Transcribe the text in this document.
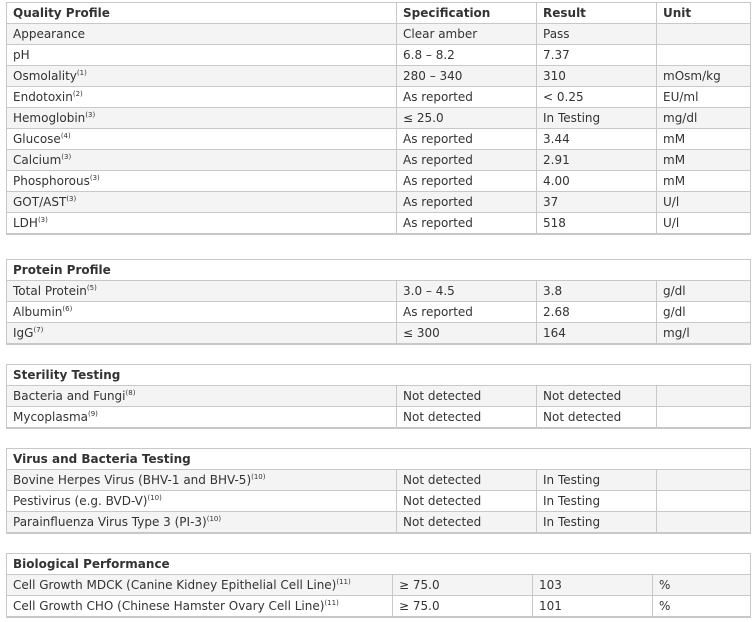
Quality Profile	Specification	Result	Unit
Appearance	Clear amber	Pass	
pH	6.8 – 8.2	7.37	
Osmolality$^{(1)}$	280 – 340	310	mOsm/kg
Endotoxin$^{(2)}$	As reported	< 0.25	EU/ml
Hemoglobin$^{(3)}$	≤ 25.0	In Testing	mg/dl
Glucose$^{(4)}$	As reported	3.44	mM
Calcium$^{(3)}$	As reported	2.91	mM
Phosphorous$^{(3)}$	As reported	4.00	mM
GOT/AST$^{(3)}$	As reported	37	U/l
LDH$^{(3)}$	As reported	518	U/l
Protein Profile			
Total Protein$^{(5)}$	3.0 – 4.5	3.8	g/dl
Albumin$^{(6)}$	As reported	2.68	g/dl
IgG$^{(7)}$	≤ 300	164	mg/l
Sterility Testing			
Bacteria and Fungi$^{(8)}$	Not detected	Not detected	
Mycoplasma$^{(9)}$	Not detected	Not detected	
Virus and Bacteria Testing			
Bovine Herpes Virus (BHV-1 and BHV-5)$^{(10)}$	Not detected	In Testing	
Pestivirus (e.g. BVD-V)$^{(10)}$	Not detected	In Testing	
Parainfluenza Virus Type 3 $(PI-3)^{(10)}$	Not detected	In Testing	
Biological Performance			
Cell Growth MDCK (Canine Kidney Epithelial Cell Line)$^{(11)}$	≥ 75.0	103	%
Cell Growth CHO (Chinese Hamster Ovary Cell Line)$^{(11)}$	≥ 75.0	101	%
